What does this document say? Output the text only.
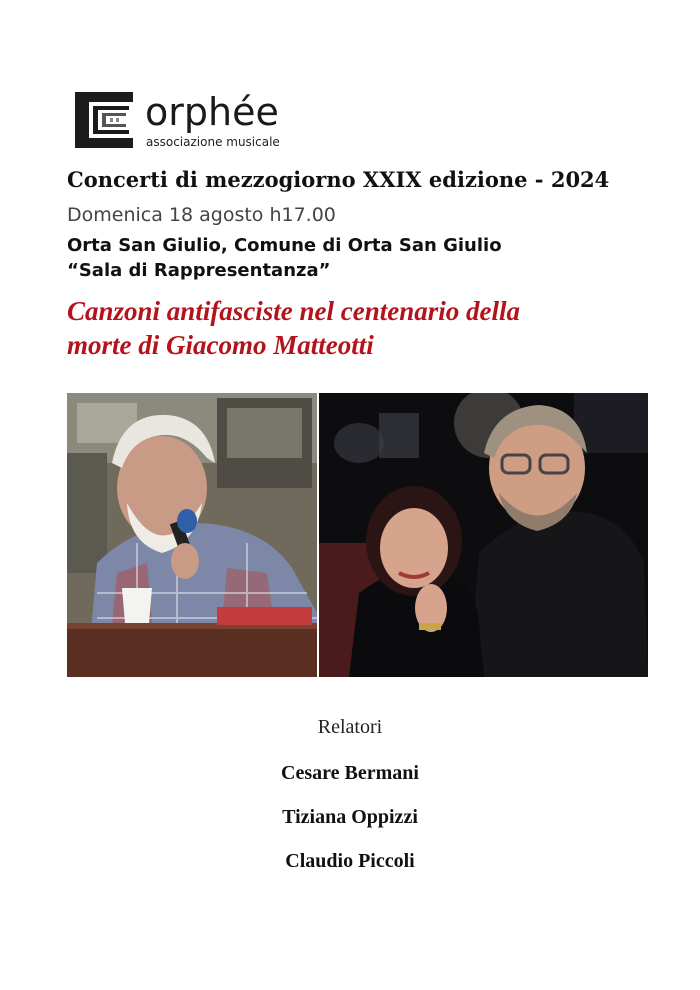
orphée
associazione musicale
Concerti di mezzogiorno XXIX edizione - 2024
Domenica 18 agosto h17.00
Orta San Giulio, Comune di Orta San Giulio
“Sala di Rappresentanza”
Canzoni antifasciste nel centenario della
morte di Giacomo Matteotti
Relatori
Cesare Bermani
Tiziana Oppizzi
Claudio Piccoli
